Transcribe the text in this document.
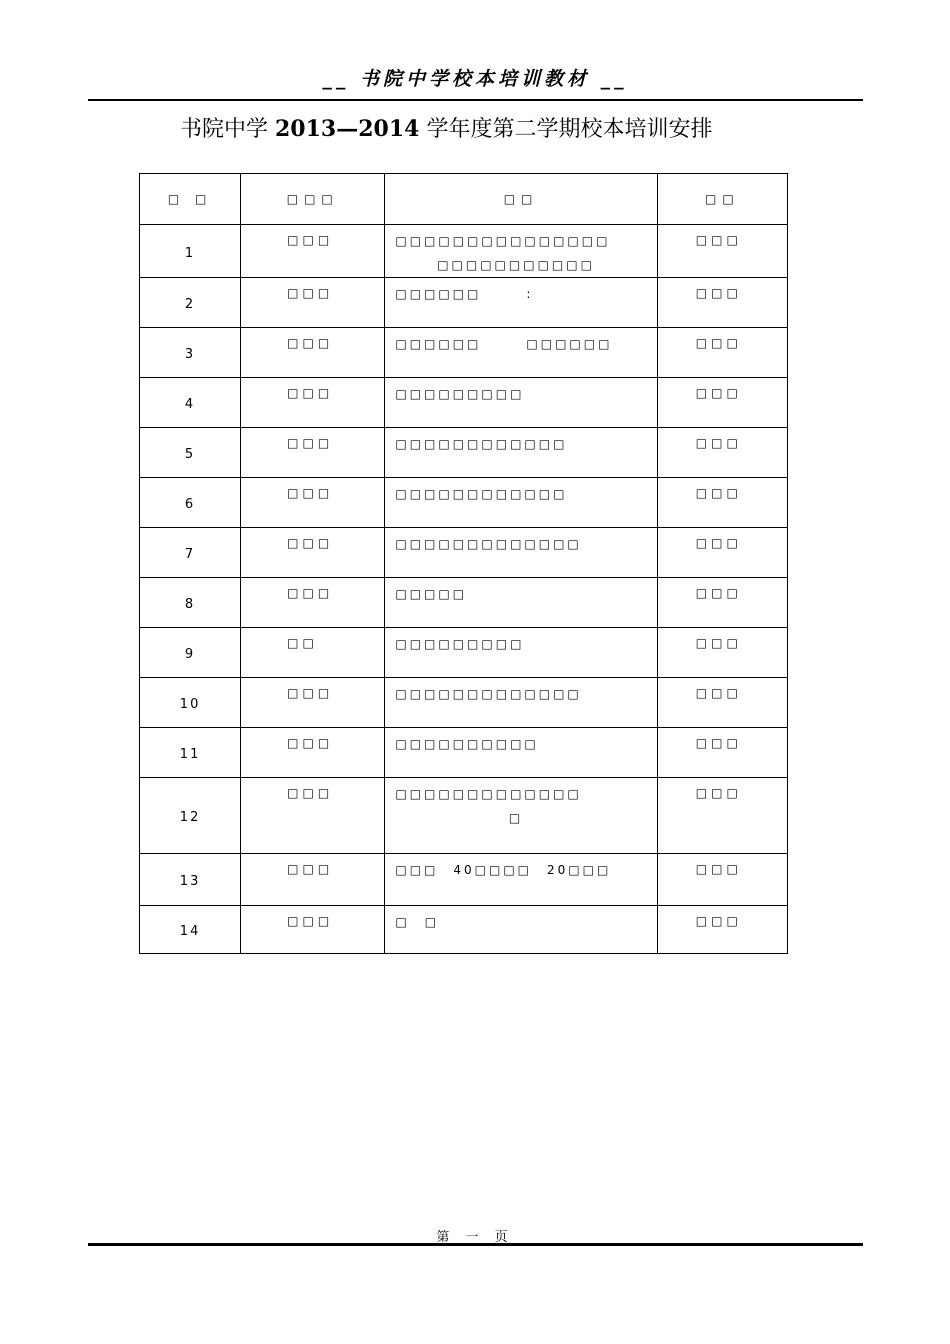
__ 书院中学校本培训教材 __
书院中学 2013—2014 学年度第二学期校本培训安排
□ □	□□□	□□	□□
1	□□□	□□□□□□□□□□□□□□□
□□□□□□□□□□□	□□□
2	□□□	□□□□□□　　　:	□□□
3	□□□	□□□□□□　　　□□□□□□	□□□
4	□□□	□□□□□□□□□	□□□
5	□□□	□□□□□□□□□□□□	□□□
6	□□□	□□□□□□□□□□□□	□□□
7	□□□	□□□□□□□□□□□□□	□□□
8	□□□	□□□□□	□□□
9	□□	□□□□□□□□□	□□□
10	□□□	□□□□□□□□□□□□□	□□□
11	□□□	□□□□□□□□□□	□□□
12	□□□	□□□□□□□□□□□□□
□	□□□
13	□□□	□□□　40□□□□　20□□□	□□□
14	□□□	□　□	□□□
第 一 页
